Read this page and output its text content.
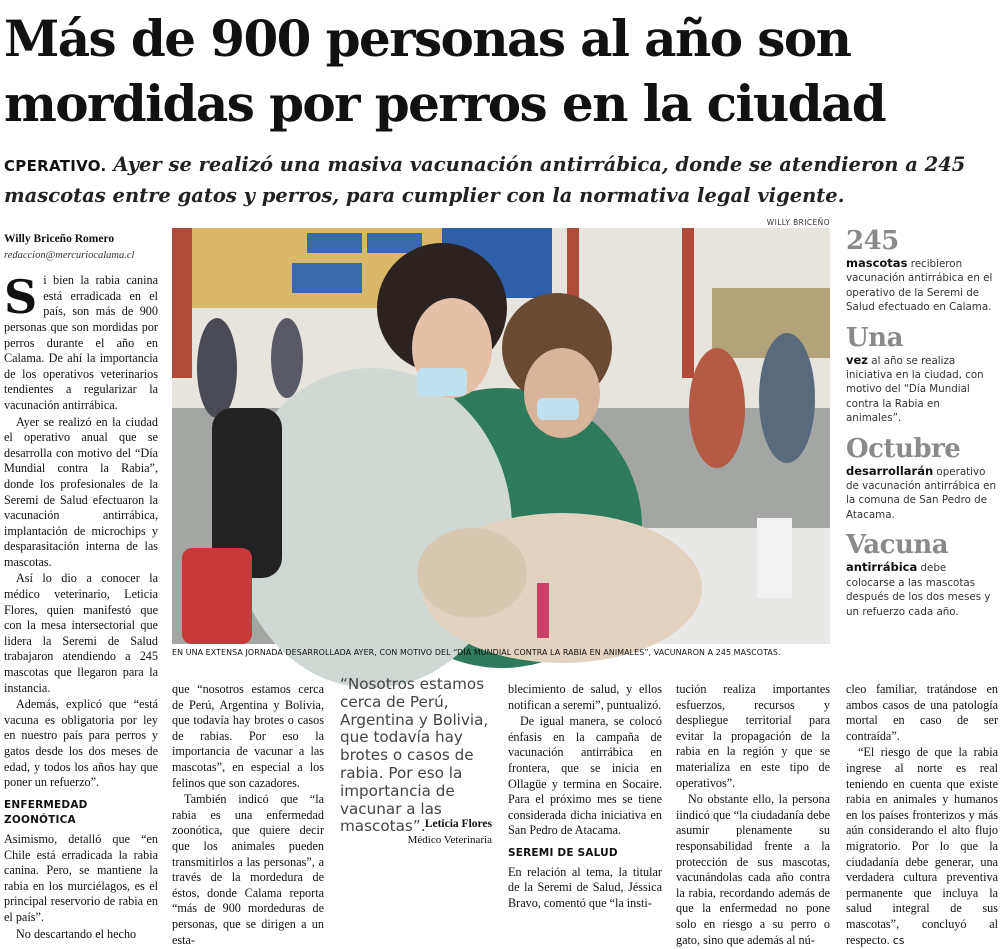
Más de 900 personas al año son mordidas por perros en la ciudad
CPERATIVO. Ayer se realizó una masiva vacunación antirrábica, donde se atendieron a 245 mascotas entre gatos y perros, para cumplier con la normativa legal vigente.
WILLY BRICEÑO
Willy Briceño Romero
redaccion@mercuriocalama.cl

Si bien la rabia canina está erradicada en el país, son más de 900 personas que son mordidas por perros durante el año en Calama. De ahí la importancia de los operativos veterinarios tendientes a regularizar la vacunación antirrábica.

Ayer se realizó en la ciudad el operativo anual que se desarrolla con motivo del “Día Mundial contra la Rabia”, donde los profesionales de la Seremi de Salud efectuaron la vacunación antirrábica, implantación de microchips y desparasitación interna de las mascotas.

Así lo dio a conocer la médico veterinario, Leticia Flores, quien manifestó que con la mesa intersectorial que lidera la Seremi de Salud trabajaron atendiendo a 245 mascotas que llegaron para la instancia.

Además, explicó que “está vacuna es obligatoria por ley en nuestro país para perros y gatos desde los dos meses de edad, y todos los años hay que poner un refuerzo”.

ENFERMEDAD ZOONÓTICA

Asimismo, detalló que “en Chile está erradicada la rabia canina. Pero, se mantiene la rabia en los murciélagos, es el principal reservorio de rabia en el país”.

No descartando el hecho

EN UNA EXTENSA JORNADA DESARROLLADA AYER, CON MOTIVO DEL “DÍA MUNDIAL CONTRA LA RABIA EN ANIMALES”, VACUNARON A 245 MASCOTAS.

que “nosotros estamos cerca de Perú, Argentina y Bolivia, que todavía hay brotes o casos de rabias. Por eso la importancia de vacunar a las mascotas”, en especial a los felinos que son cazadores.

También indicó que “la rabia es una enfermedad zoonótica, que quiere decir que los animales pueden transmitirlos a las personas”, a través de la mordedura de éstos, donde Calama reporta “más de 900 mordeduras de personas, que se dirigen a un esta-

“Nosotros estamos cerca de Perú, Argentina y Bolivia, que todavía hay brotes o casos de rabia. Por eso la importancia de vacunar a las mascotas”. Leticia Flores
Médico Veterinaria

blecimiento de salud, y ellos notifican a seremi”, puntualizó.

De igual manera, se colocó énfasis en la campaña de vacunación antirrábica en frontera, que se inicia en Ollagüe y termina en Socaire. Para el próximo mes se tiene considerada dicha iniciativa en San Pedro de Atacama.

SEREMI DE SALUD

En relación al tema, la titular de la Seremi de Salud, Jéssica Bravo, comentó que “la insti-

tución realiza importantes esfuerzos, recursos y despliegue territorial para evitar la propagación de la rabia en la región y que se materializa en este tipo de operativos”.

No obstante ello, la persona iindicó que “la ciudadanía debe asumir plenamente su responsabilidad frente a la protección de sus mascotas, vacunándolas cada año contra la rabia, recordando además de que la enfermedad no pone solo en riesgo a su perro o gato, sino que además al nú-

cleo familiar, tratándose en ambos casos de una patología mortal en caso de ser contraída”.

“El riesgo de que la rabia ingrese al norte es real teniendo en cuenta que existe rabia en animales y humanos en los países fronterizos y más aún considerando el alto flujo migratorio. Por lo que la ciudadanía debe generar, una verdadera cultura preventiva permanente que incluya la salud integral de sus mascotas”, concluyó al respecto. cs

245
mascotas recibieron vacunación antirrábica en el operativo de la Seremi de Salud efectuado en Calama.
Una
vez al año se realiza iniciativa en la ciudad, con motivo del “Día Mundial contra la Rabia en animales”.
Octubre
desarrollarán operativo de vacunación antirrábica en la comuna de San Pedro de Atacama.
Vacuna
antirrábica debe colocarse a las mascotas después de los dos meses y un refuerzo cada año.
